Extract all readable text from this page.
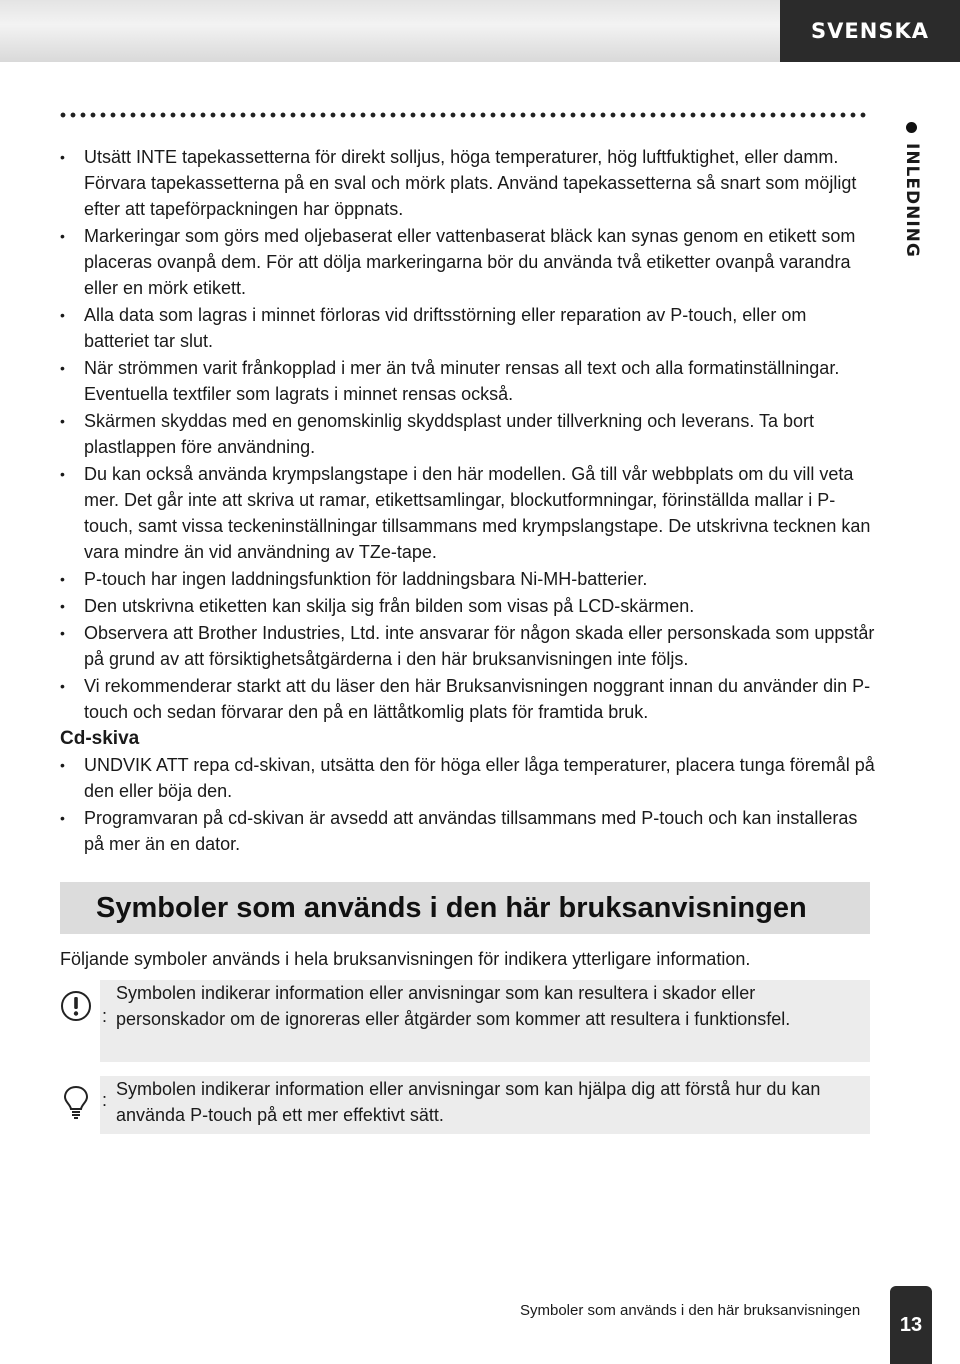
SVENSKA
INLEDNING
• Utsätt INTE tapekassetterna för direkt solljus, höga temperaturer, hög luftfuktighet, eller damm. Förvara tapekassetterna på en sval och mörk plats. Använd tapekassetterna så snart som möjligt efter att tapeförpackningen har öppnats.
• Markeringar som görs med oljebaserat eller vattenbaserat bläck kan synas genom en etikett som placeras ovanpå dem. För att dölja markeringarna bör du använda två etiketter ovanpå varandra eller en mörk etikett.
• Alla data som lagras i minnet förloras vid driftsstörning eller reparation av P-touch, eller om batteriet tar slut.
• När strömmen varit frånkopplad i mer än två minuter rensas all text och alla formatinställningar. Eventuella textfiler som lagrats i minnet rensas också.
• Skärmen skyddas med en genomskinlig skyddsplast under tillverkning och leverans. Ta bort plastlappen före användning.
• Du kan också använda krympslangstape i den här modellen. Gå till vår webbplats om du vill veta mer. Det går inte att skriva ut ramar, etikettsamlingar, blockutformningar, förinställda mallar i P-touch, samt vissa teckeninställningar tillsammans med krympslangstape. De utskrivna tecknen kan vara mindre än vid användning av TZe-tape.
• P-touch har ingen laddningsfunktion för laddningsbara Ni-MH-batterier.
• Den utskrivna etiketten kan skilja sig från bilden som visas på LCD-skärmen.
• Observera att Brother Industries, Ltd. inte ansvarar för någon skada eller personskada som uppstår på grund av att försiktighetsåtgärderna i den här bruksanvisningen inte följs.
• Vi rekommenderar starkt att du läser den här Bruksanvisningen noggrant innan du använder din P-touch och sedan förvarar den på en lättåtkomlig plats för framtida bruk.

Cd-skiva

• UNDVIK ATT repa cd-skivan, utsätta den för höga eller låga temperaturer, placera tunga föremål på den eller böja den.
• Programvaran på cd-skivan är avsedd att användas tillsammans med P-touch och kan installeras på mer än en dator.
Symboler som används i den här bruksanvisningen
Följande symboler används i hela bruksanvisningen för indikera ytterligare information.
Symbolen indikerar information eller anvisningar som kan resultera i skador eller personskador om de ignoreras eller åtgärder som kommer att resultera i funktionsfel.
:
Symbolen indikerar information eller anvisningar som kan hjälpa dig att förstå hur du kan använda P-touch på ett mer effektivt sätt.
:
Symboler som används i den här bruksanvisningen
13
